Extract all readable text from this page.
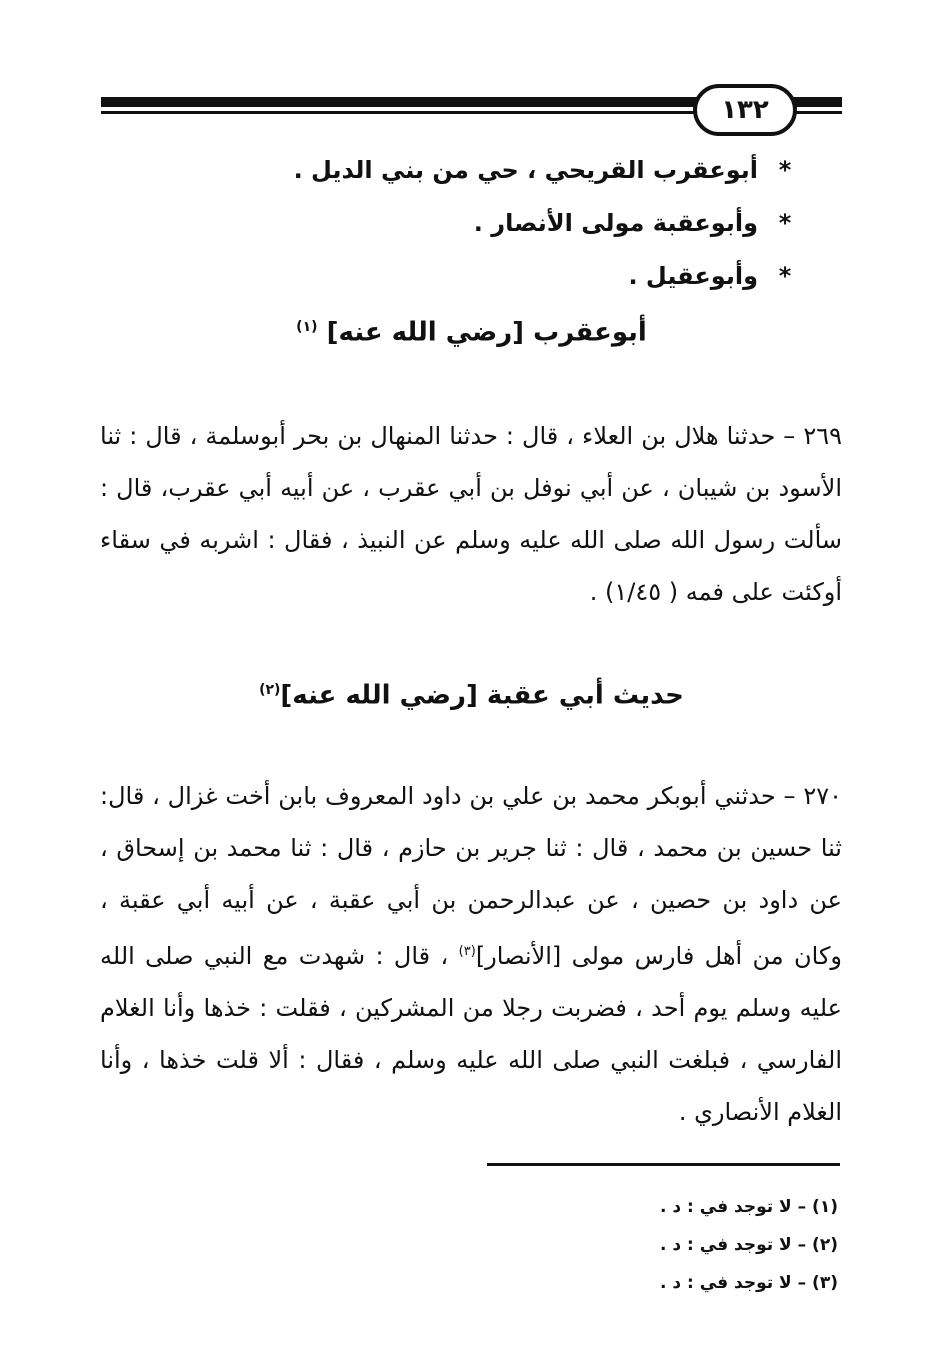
١٣٢
*أبوعقرب القريحي ، حي من بني الديل .
*وأبوعقبة مولى الأنصار .
*وأبوعقيل .
أبوعقرب [رضي الله عنه] $^{(١)}$
٢٦٩ – حدثنا هلال بن العلاء ، قال : حدثنا المنهال بن بحر أبوسلمة ، قال : ثنا الأسود بن شيبان ، عن أبي نوفل بن أبي عقرب ، عن أبيه أبي عقرب، قال : سألت رسول الله صلى الله عليه وسلم عن النبيذ ، فقال : اشربه في سقاء أوكئت على فمه ( ١/٤٥) .
حديث أبي عقبة [رضي الله عنه]$^{(٢)}$
٢٧٠ – حدثني أبوبكر محمد بن علي بن داود المعروف بابن أخت غزال ، قال: ثنا حسين بن محمد ، قال : ثنا جرير بن حازم ، قال : ثنا محمد بن إسحاق ، عن داود بن حصين ، عن عبدالرحمن بن أبي عقبة ، عن أبيه أبي عقبة ، وكان من أهل فارس مولى [الأنصار]$^{(٣)}$ ، قال : شهدت مع النبي صلى الله عليه وسلم يوم أحد ، فضربت رجلا من المشركين ، فقلت : خذها وأنا الغلام الفارسي ، فبلغت النبي صلى الله عليه وسلم ، فقال : ألا قلت خذها ، وأنا الغلام الأنصاري .
(١) – لا توجد في : د .
(٢) – لا توجد في : د .
(٣) – لا توجد في : د .
